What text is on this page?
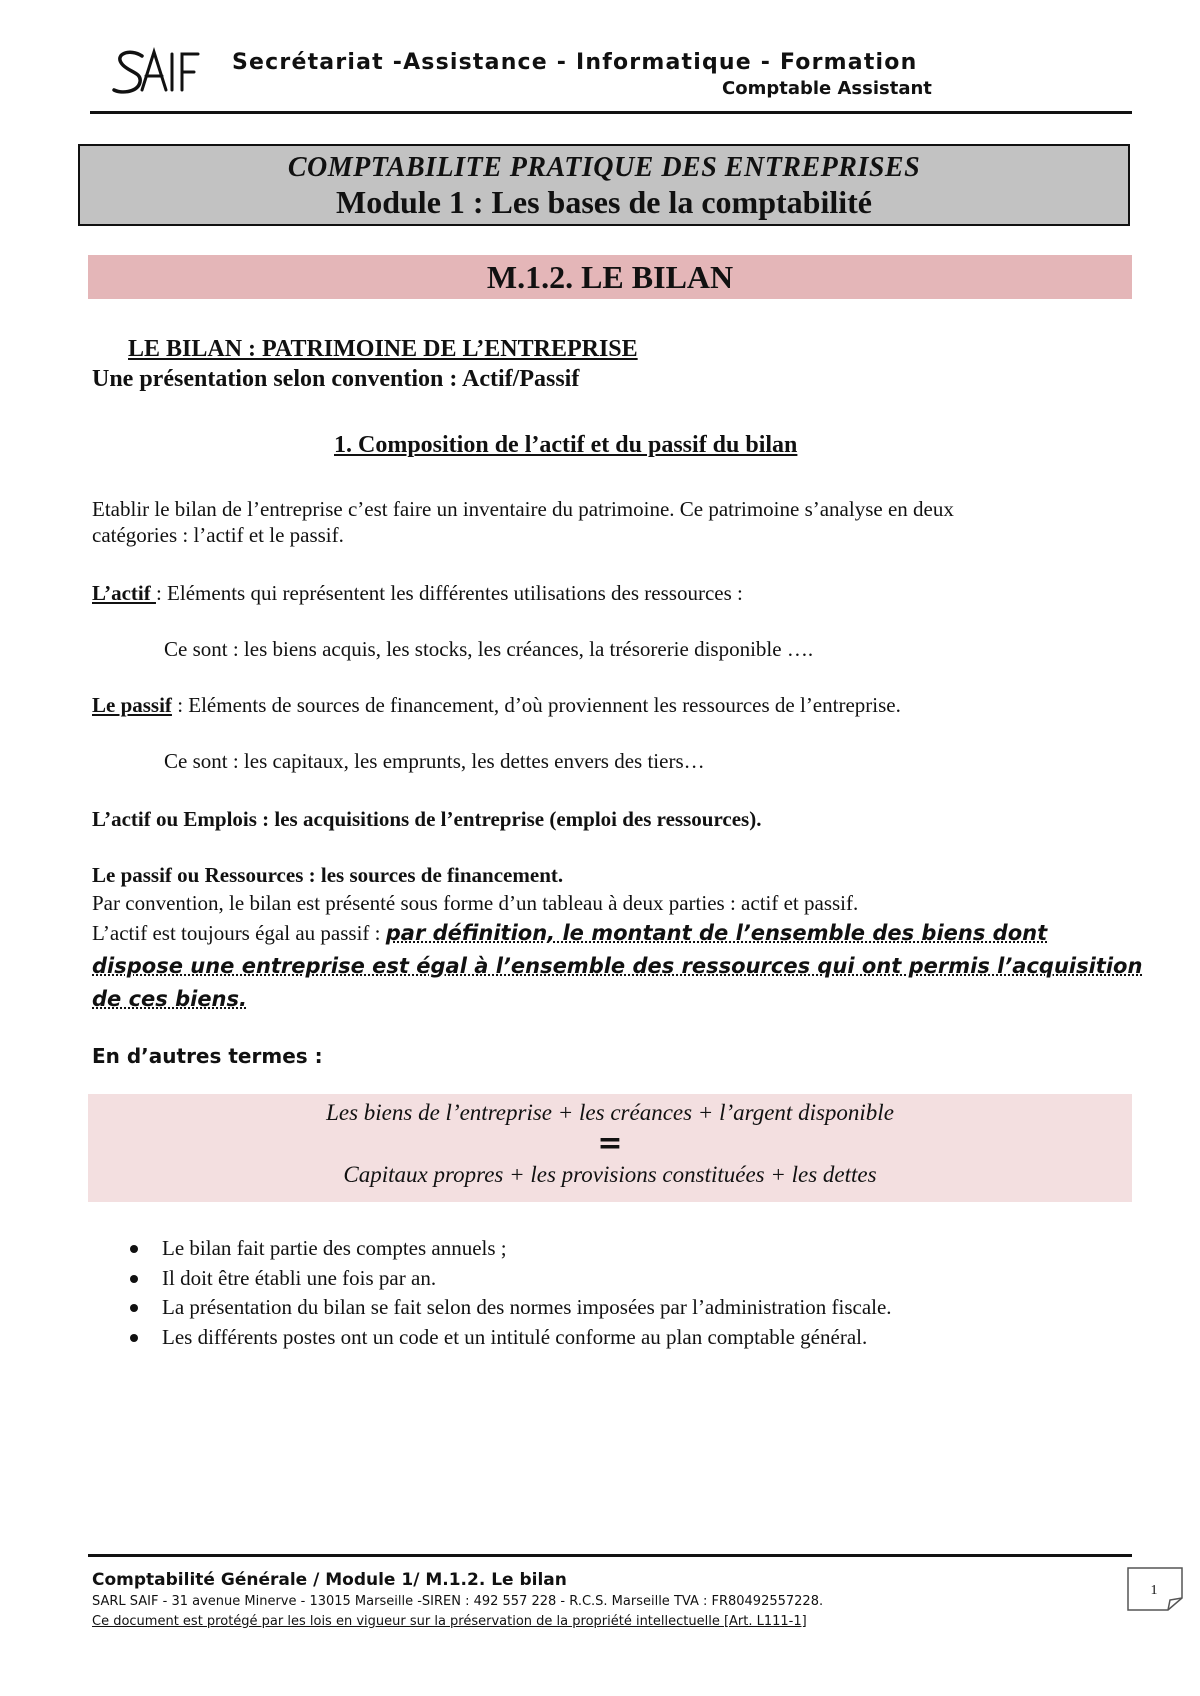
Secrétariat -Assistance - Informatique - Formation
Comptable Assistant
COMPTABILITE PRATIQUE DES ENTREPRISES
Module 1 : Les bases de la comptabilité
M.1.2. LE BILAN
LE BILAN : PATRIMOINE DE L’ENTREPRISE
Une présentation selon convention : Actif/Passif
1. Composition de l’actif et du passif du bilan
Etablir le bilan de l’entreprise c’est faire un inventaire du patrimoine. Ce patrimoine s’analyse en deux
catégories : l’actif et le passif.
L’actif : Eléments qui représentent les différentes utilisations des ressources :
Ce sont : les biens acquis, les stocks, les créances, la trésorerie disponible ….
Le passif : Eléments de sources de financement, d’où proviennent les ressources de l’entreprise.
Ce sont : les capitaux, les emprunts, les dettes envers des tiers…
L’actif ou Emplois : les acquisitions de l’entreprise (emploi des ressources).
Le passif ou Ressources : les sources de financement.
Par convention, le bilan est présenté sous forme d’un tableau à deux parties : actif et passif.
L’actif est toujours égal au passif : par définition, le montant de l’ensemble des biens dont
dispose une entreprise est égal à l’ensemble des ressources qui ont permis l’acquisition
de ces biens.
En d’autres termes :
Les biens de l’entreprise + les créances + l’argent disponible
=
Capitaux propres + les provisions constituées + les dettes
Le bilan fait partie des comptes annuels ;
Il doit être établi une fois par an.
La présentation du bilan se fait selon des normes imposées par l’administration fiscale.
Les différents postes ont un code et un intitulé conforme au plan comptable général.
Comptabilité Générale / Module 1/ M.1.2. Le bilan
SARL SAIF - 31 avenue Minerve - 13015 Marseille -SIREN : 492 557 228 - R.C.S. Marseille TVA : FR80492557228.
Ce document est protégé par les lois en vigueur sur la préservation de la propriété intellectuelle [Art. L111-1]
1
